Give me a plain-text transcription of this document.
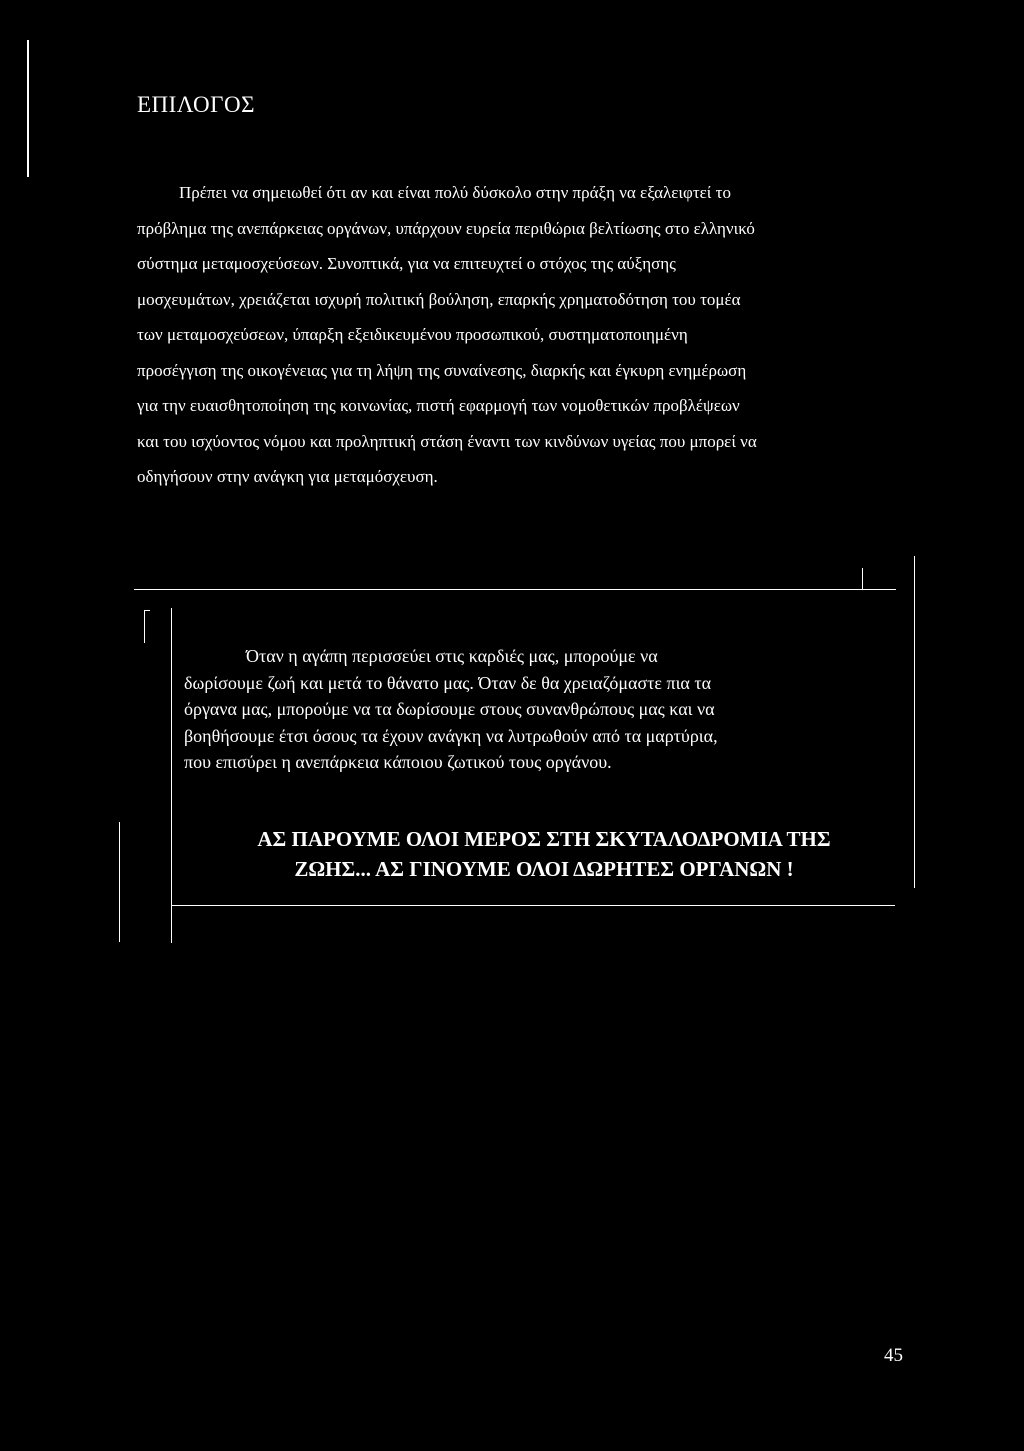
ΕΠΙΛΟΓΟΣ
Πρέπει να σημειωθεί ότι αν και είναι πολύ δύσκολο στην πράξη να εξαλειφτεί το
πρόβλημα της ανεπάρκειας οργάνων, υπάρχουν ευρεία περιθώρια βελτίωσης στο ελληνικό
σύστημα μεταμοσχεύσεων. Συνοπτικά, για να επιτευχτεί ο στόχος της αύξησης
μοσχευμάτων, χρειάζεται ισχυρή πολιτική βούληση, επαρκής χρηματοδότηση του τομέα
των μεταμοσχεύσεων, ύπαρξη εξειδικευμένου προσωπικού, συστηματοποιημένη
προσέγγιση της οικογένειας για τη λήψη της συναίνεσης, διαρκής και έγκυρη ενημέρωση
για την ευαισθητοποίηση της κοινωνίας, πιστή εφαρμογή των νομοθετικών προβλέψεων
και του ισχύοντος νόμου και προληπτική στάση έναντι των κινδύνων υγείας που μπορεί να
οδηγήσουν στην ανάγκη για μεταμόσχευση.
Όταν η αγάπη περισσεύει στις καρδιές μας, μπορούμε να
δωρίσουμε ζωή και μετά το θάνατο μας. Όταν δε θα χρειαζόμαστε πια τα
όργανα μας, μπορούμε να τα δωρίσουμε στους συνανθρώπους μας και να
βοηθήσουμε έτσι όσους τα έχουν ανάγκη να λυτρωθούν από τα μαρτύρια,
που επισύρει η ανεπάρκεια κάποιου ζωτικού τους οργάνου.
ΑΣ ΠΑΡΟΥΜΕ ΟΛΟΙ ΜΕΡΟΣ ΣΤΗ ΣΚΥΤΑΛΟΔΡΟΜΙΑ ΤΗΣ
ΖΩΗΣ... ΑΣ ΓΙΝΟΥΜΕ ΟΛΟΙ ΔΩΡΗΤΕΣ ΟΡΓΑΝΩΝ !
45
